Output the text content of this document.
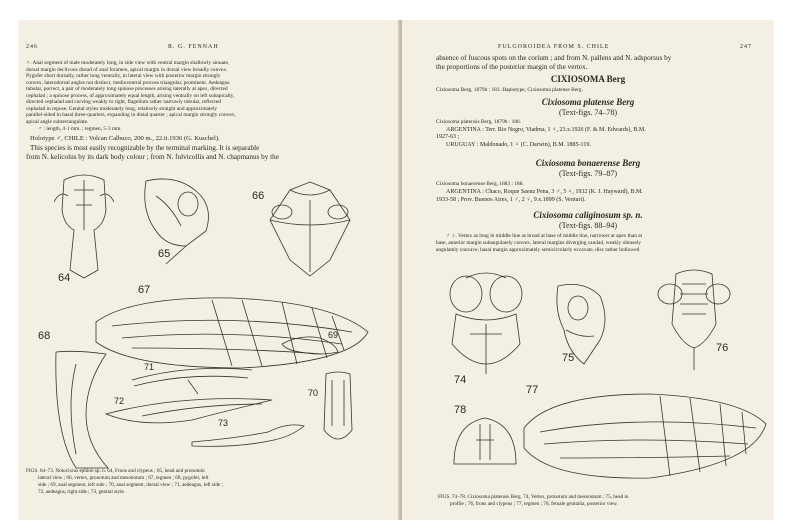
246	R. G. FENNAH
♂. Anal segment of male moderately long, in side view with ventral margin shallowly sinuate,
dorsal margin declivous distad of anal foramen, apical margin in dorsal view broadly convex.
Pygofer short dorsally, rather long ventrally, in lateral view with posterior margin strongly
convex, laterodorsal angles not distinct, medioventral process triangular, prominent. Aedeagus
tubular, porrect, a pair of moderately long spinose processes arising laterally at apex, directed
cephalad ; a spinose process, of approximately equal length, arising ventrally on left subapically,
directed cephalad and curving weakly to right, flagellum rather narrowly tubular, reflected
cephalad in repose. Genital styles moderately long, relatively straight and approximately
parallel-sided in basal three-quarters, expanding in distal quarter ; apical margin strongly convex,
apical angle subrectangulate.
♂ : length, 4·1 mm. ; tegmen, 5·3 mm.
Holotype ♂, CHILE : Volcan Calbuco, 200 m., 22.ii.1936 (G. Kuschel).
This species is most easily recognizable by the terminal marking. It is separable
from N. kelicolus by its dark body colour ; from N. fulvicollis and N. chapmanus by the
64
65
66
67
68	69
70
71
72
73
FIGS. 64–73. Notocixius ephion sp. n. 64, Frons and clypeus ; 65, head and pronotum
lateral view ; 66, vertex, pronotum and mesonotum ; 67, tegmen ; 68, pygofer, left
side ; 69, anal segment, left side ; 70, anal segment, dorsal view ; 71, aedeagus, left side ;
72, aedeagus, right side ; 73, genital style.
FULGOROIDEA FROM S. CHILE	247
absence of fuscous spots on the corium ; and from N. pallens and N. adsporsus by
the proportions of the posterior margin of the vertex.
CIXIOSOMA Berg
Cixiosoma Berg, 1879b : 183. Haplotype, Cixiosoma platense Berg.
Cixiosoma platense Berg
(Text-figs. 74–78)
Cixiosoma platensis Berg, 1879b : 186.
ARGENTINA : Terr. Rio Negro, Viadma, 1 ♀, 23.x.1926 (F. & M. Edwards), B.M.
1927-63 ;
URUGUAY : Maldonado, 1 ♀ (C. Darwin), B.M. 1885-119.
Cixiosoma bonaerense Berg
(Text-figs. 79–87)
Cixiosoma bonaerense Berg, 1883 : 188.
ARGENTINA : Chaco, Roque Saenz Pena, 3 ♂, 5 ♀, 1932 (K. J. Hayward), B.M.
1933-58 ; Prov. Buenos Aires, 1 ♂, 2 ♀, 9.x.1899 (S. Venturi).
Cixiosoma caliginosum sp. n.
(Text-figs. 88–94)
♂ ♀. Vertex as long in middle line as broad at base of middle line, narrower at apex than at
base, anterior margin subangulately convex, lateral margins diverging caudad, weakly obtusely
angulately concave, basal margin approximately semicircularly excavate, disc rather hollowed
74
75
76
77
78
FIGS. 74–78. Cixiosoma platensis Berg. 74, Vertex, pronotum and mesonotum ; 75, head in
profile ; 76, frons and clypeus ; 77, tegmen ; 78, female genitalia, posterior view.
